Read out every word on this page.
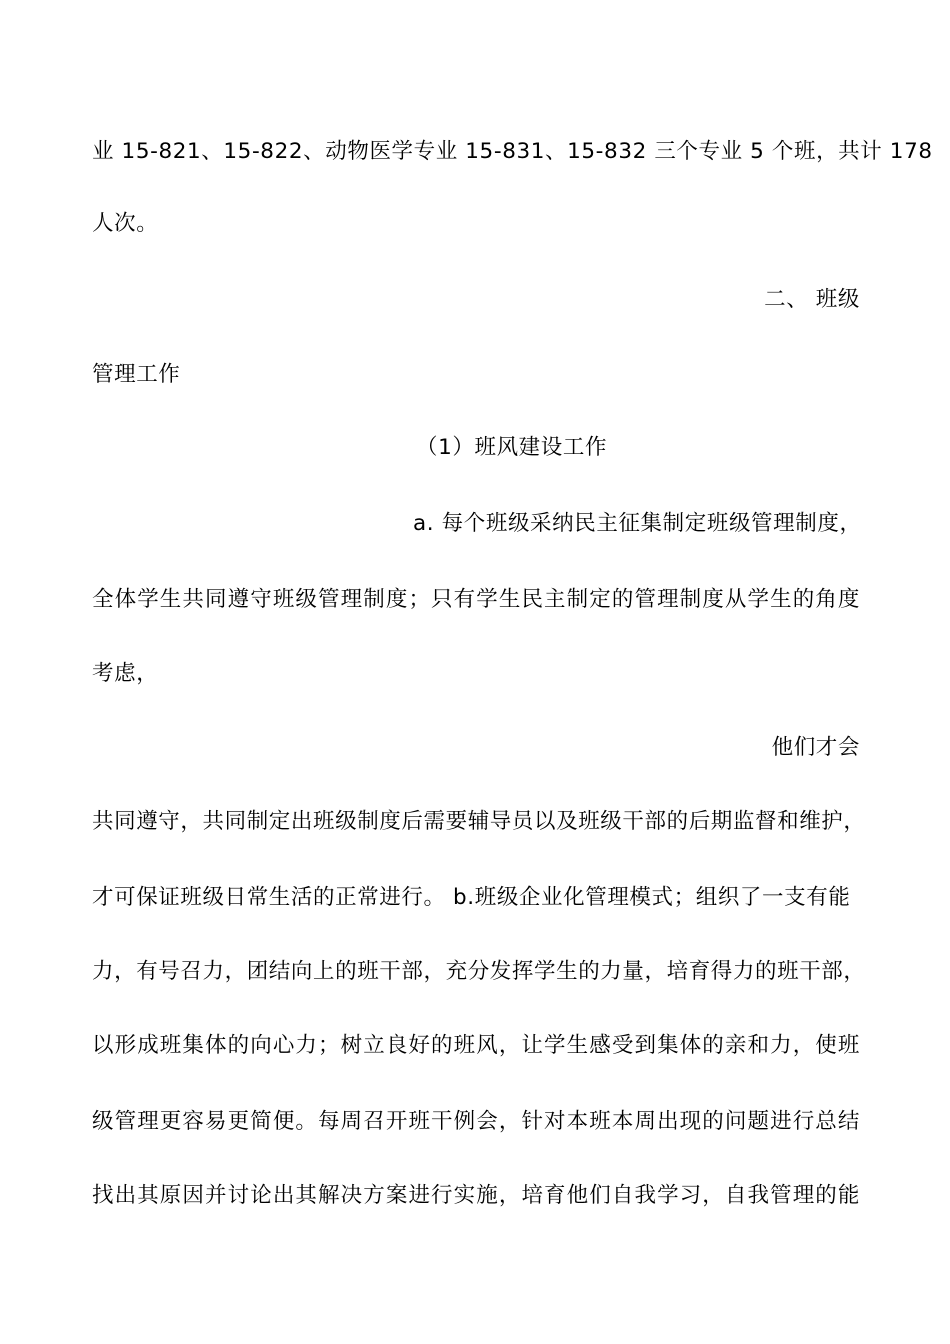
业 15-821、15-822、动物医学专业 15-831、15-832 三个专业 5 个班，共计 178
人次。
二、 班级
管理工作
（1）班风建设工作
a. 每个班级采纳民主征集制定班级管理制度，
全体学生共同遵守班级管理制度；只有学生民主制定的管理制度从学生的角度
考虑，
他们才会
共同遵守，共同制定出班级制度后需要辅导员以及班级干部的后期监督和维护，
才可保证班级日常生活的正常进行。 b.班级企业化管理模式；组织了一支有能
力，有号召力，团结向上的班干部，充分发挥学生的力量，培育得力的班干部，
以形成班集体的向心力；树立良好的班风，让学生感受到集体的亲和力，使班
级管理更容易更简便。每周召开班干例会，针对本班本周出现的问题进行总结
找出其原因并讨论出其解决方案进行实施，培育他们自我学习，自我管理的能
